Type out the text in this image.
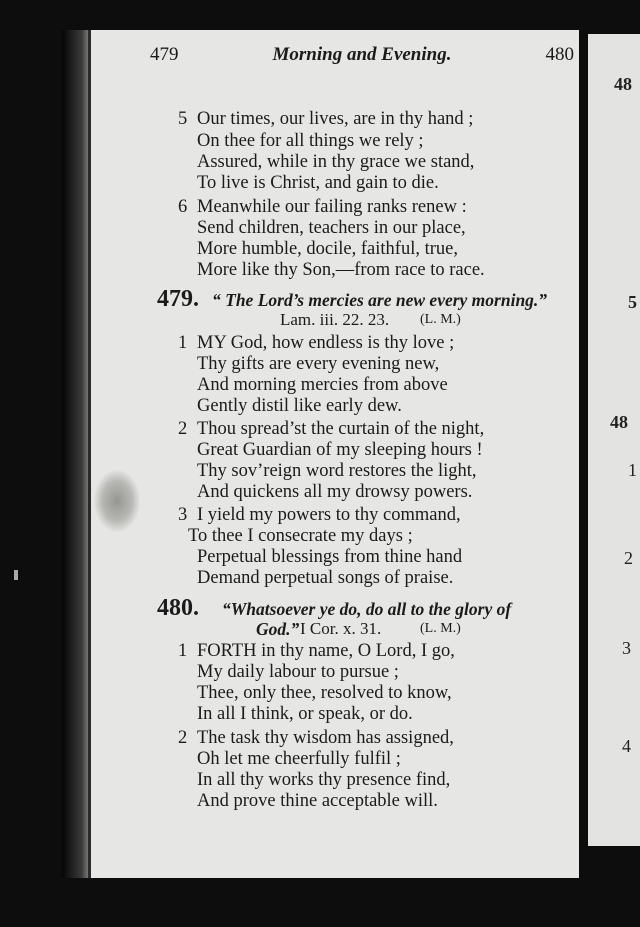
48
5
48
1
2
3
4
479	Morning and Evening.	480
5 Our times, our lives, are in thy hand ;
On thee for all things we rely ;
Assured, while in thy grace we stand,
To live is Christ, and gain to die.
6 Meanwhile our failing ranks renew :
Send children, teachers in our place,
More humble, docile, faithful, true,
More like thy Son,—from race to race.
479. “ The Lord’s mercies are new every morning.”
Lam. iii. 22. 23. (L. M.)
1 MY God, how endless is thy love ;
Thy gifts are every evening new,
And morning mercies from above
Gently distil like early dew.
2 Thou spread’st the curtain of the night,
Great Guardian of my sleeping hours !
Thy sov’reign word restores the light,
And quickens all my drowsy powers.
3 I yield my powers to thy command,
To thee I consecrate my days ;
Perpetual blessings from thine hand
Demand perpetual songs of praise.
480. “Whatsoever ye do, do all to the glory of
God.” I Cor. x. 31.	(L. M.)
1 FORTH in thy name, O Lord, I go,
My daily labour to pursue ;
Thee, only thee, resolved to know,
In all I think, or speak, or do.
2 The task thy wisdom has assigned,
Oh let me cheerfully fulfil ;
In all thy works thy presence find,
And prove thine acceptable will.
